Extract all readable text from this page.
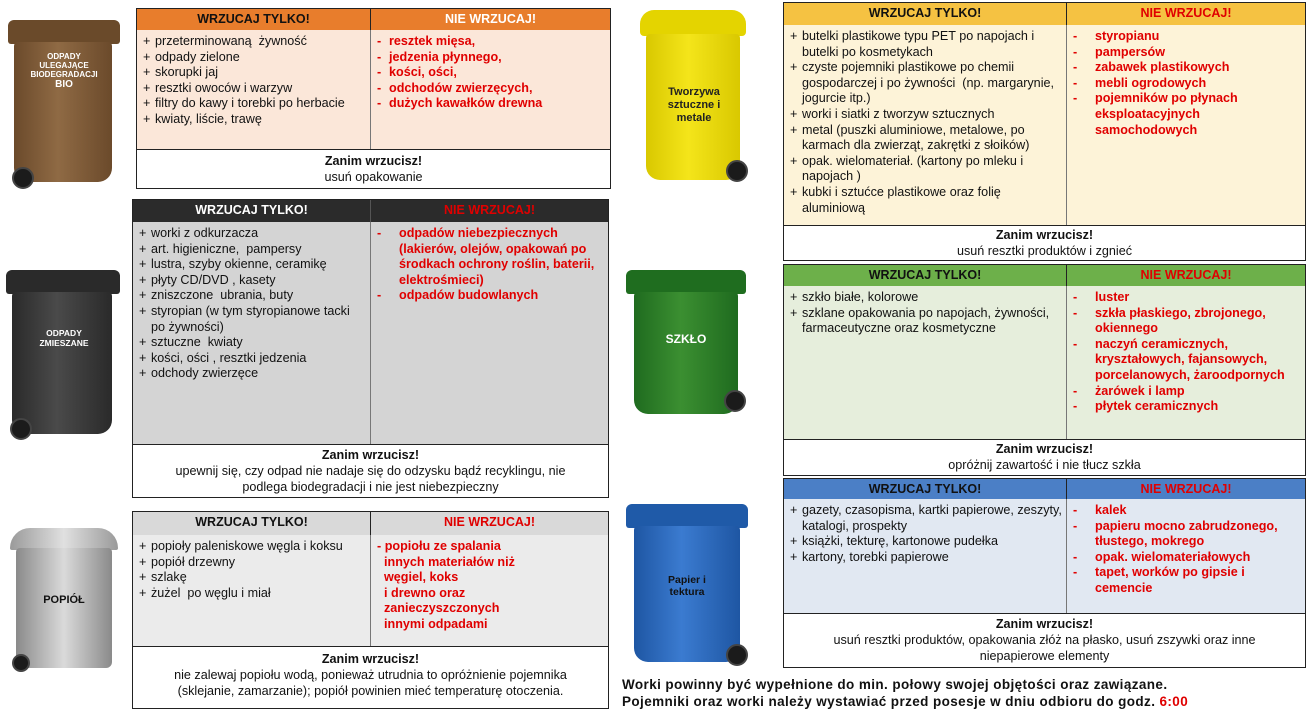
ODPADY
ULEGAJĄCE
BIODEGRADACJI
BIO
ODPADY
ZMIESZANE
POPIÓŁ
Tworzywa
sztuczne i
metale
SZKŁO
Papier i
tektura
WRZUCAJ TYLKO!	NIE WRZUCAJ!
+ przeterminowaną  żywność
+ odpady zielone
+ skorupki jaj
+ resztki owoców i warzyw
+ filtry do kawy i torebki po herbacie
+ kwiaty, liście, trawę
- resztek mięsa,
- jedzenia płynnego,
- kości, ości,
- odchodów zwierzęcych,
- dużych kawałków drewna
Zanim wrzucisz!
usuń opakowanie
WRZUCAJ TYLKO!	NIE WRZUCAJ!
+ worki z odkurzacza
+ art. higieniczne,  pampersy
+ lustra, szyby okienne, ceramikę
+ płyty CD/DVD , kasety
+ zniszczone  ubrania, buty
+ styropian (w tym styropianowe tacki po żywności)
+ sztuczne  kwiaty
+ kości, ości , resztki jedzenia
+ odchody zwierzęce
- odpadów niebezpiecznych (lakierów, olejów, opakowań po środkach ochrony roślin, baterii, elektrośmieci)
- odpadów budowlanych
Zanim wrzucisz!
upewnij się, czy odpad nie nadaje się do odzysku bądź recyklingu, nie podlega biodegradacji i nie jest niebezpieczny
WRZUCAJ TYLKO!	NIE WRZUCAJ!
+ popioły paleniskowe węgla i koksu
+ popiół drzewny
+ szlakę
+ żużel  po węglu i miał
- popiołu ze spalania
innych materiałów niż
węgiel, koks
i drewno oraz
zanieczyszczonych
innymi odpadami
Zanim wrzucisz!
nie zalewaj popiołu wodą, ponieważ utrudnia to opróżnienie pojemnika (sklejanie, zamarzanie); popiół powinien mieć temperaturę otoczenia.
WRZUCAJ TYLKO!	NIE WRZUCAJ!
+ butelki plastikowe typu PET po napojach i butelki po kosmetykach
+ czyste pojemniki plastikowe po chemii gospodarczej i po żywności  (np. margarynie, jogurcie itp.)
+ worki i siatki z tworzyw sztucznych
+ metal (puszki aluminiowe, metalowe, po karmach dla zwierząt, zakrętki z słoików)
+ opak. wielomateriał. (kartony po mleku i napojach )
+ kubki i sztućce plastikowe oraz folię aluminiową
- styropianu
- pampersów
- zabawek plastikowych
- mebli ogrodowych
- pojemników po płynach eksploatacyjnych samochodowych
Zanim wrzucisz!
usuń resztki produktów i zgnieć
WRZUCAJ TYLKO!	NIE WRZUCAJ!
+ szkło białe, kolorowe
+ szklane opakowania po napojach, żywności, farmaceutyczne oraz kosmetyczne
- luster
- szkła płaskiego, zbrojonego, okiennego
- naczyń ceramicznych, kryształowych, fajansowych, porcelanowych, żaroodpornych
- żarówek i lamp
- płytek ceramicznych
Zanim wrzucisz!
opróżnij zawartość i nie tłucz szkła
WRZUCAJ TYLKO!	NIE WRZUCAJ!
+ gazety, czasopisma, kartki papierowe, zeszyty, katalogi, prospekty
+ książki, tekturę, kartonowe pudełka
+ kartony, torebki papierowe
- kalek
- papieru mocno zabrudzonego, tłustego, mokrego
- opak. wielomateriałowych
- tapet, worków po gipsie i cemencie
Zanim wrzucisz!
usuń resztki produktów, opakowania złóż na płasko, usuń zszywki oraz inne niepapierowe elementy
Worki powinny być wypełnione do min. połowy swojej objętości oraz zawiązane.
Pojemniki oraz worki należy wystawiać przed posesje w dniu odbioru do godz. 6:00
